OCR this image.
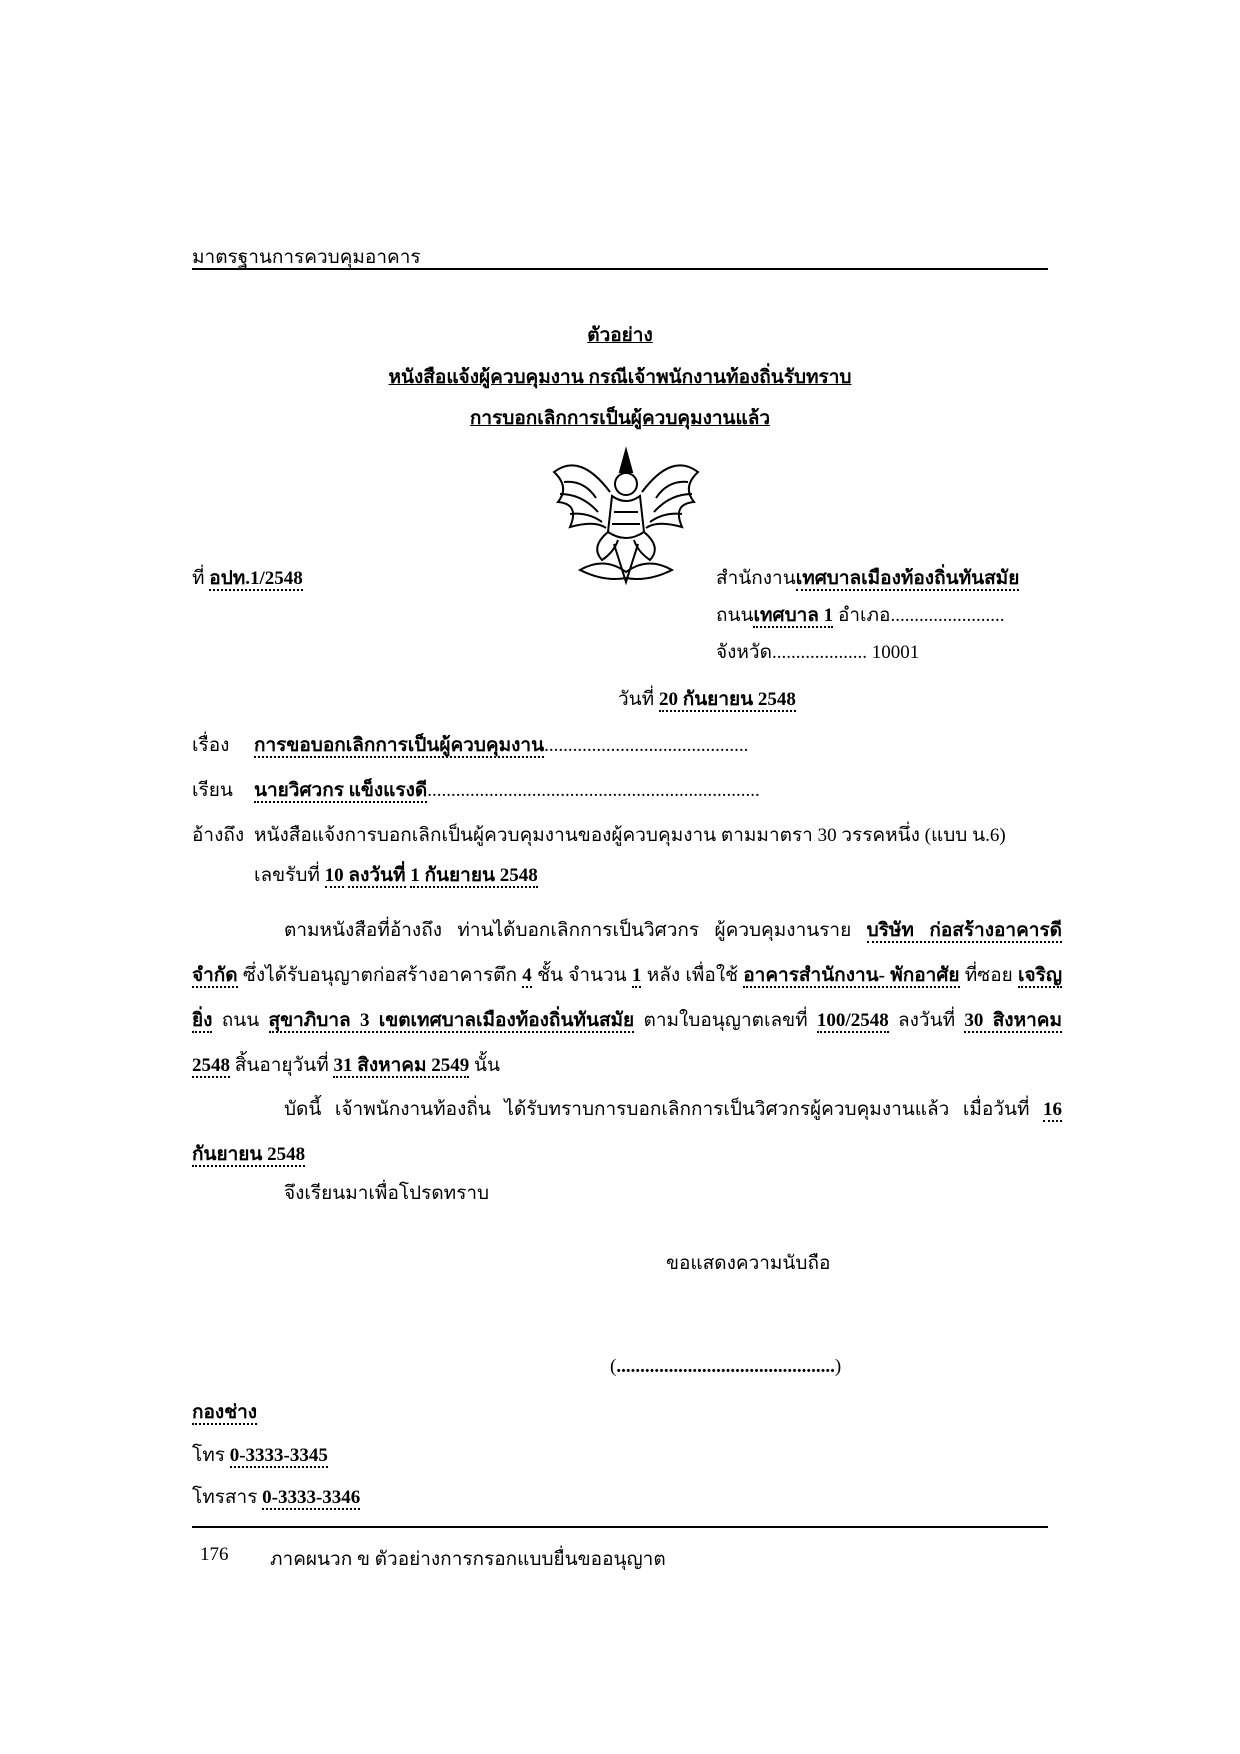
มาตรฐานการควบคุมอาคาร
ตัวอย่าง
หนังสือแจ้งผู้ควบคุมงาน กรณีเจ้าพนักงานท้องถิ่นรับทราบ
การบอกเลิกการเป็นผู้ควบคุมงานแล้ว
ที่ อปท.1/2548	สำนักงานเทศบาลเมืองท้องถิ่นทันสมัย
ถนนเทศบาล 1 อำเภอ........................
จังหวัด.................... 10001
วันที่ 20 กันยายน 2548
เรื่อง การขอบอกเลิกการเป็นผู้ควบคุมงาน...........................................
เรียน นายวิศวกร แข็งแรงดี......................................................................
อ้างถึง หนังสือแจ้งการบอกเลิกเป็นผู้ควบคุมงานของผู้ควบคุมงาน ตามมาตรา 30 วรรคหนึ่ง (แบบ น.6)
เลขรับที่ 10 ลงวันที่ 1 กันยายน 2548
ตามหนังสือที่อ้างถึง ท่านได้บอกเลิกการเป็นวิศวกร ผู้ควบคุมงานราย บริษัท ก่อสร้างอาคารดี จำกัด ซึ่งได้รับอนุญาตก่อสร้างอาคารตึก 4 ชั้น จำนวน 1 หลัง เพื่อใช้ อาคารสำนักงาน- พักอาศัย ที่ซอย เจริญยิ่ง ถนน สุขาภิบาล 3 เขตเทศบาลเมืองท้องถิ่นทันสมัย ตามใบอนุญาตเลขที่ 100/2548 ลงวันที่ 30 สิงหาคม 2548 สิ้นอายุวันที่ 31 สิงหาคม 2549 นั้น
บัดนี้ เจ้าพนักงานท้องถิ่น ได้รับทราบการบอกเลิกการเป็นวิศวกรผู้ควบคุมงานแล้ว เมื่อวันที่ 16 กันยายน 2548
จึงเรียนมาเพื่อโปรดทราบ
ขอแสดงความนับถือ
(..............................................)
กองช่าง
โทร 0-3333-3345
โทรสาร 0-3333-3346
176 ภาคผนวก ข ตัวอย่างการกรอกแบบยื่นขออนุญาต
